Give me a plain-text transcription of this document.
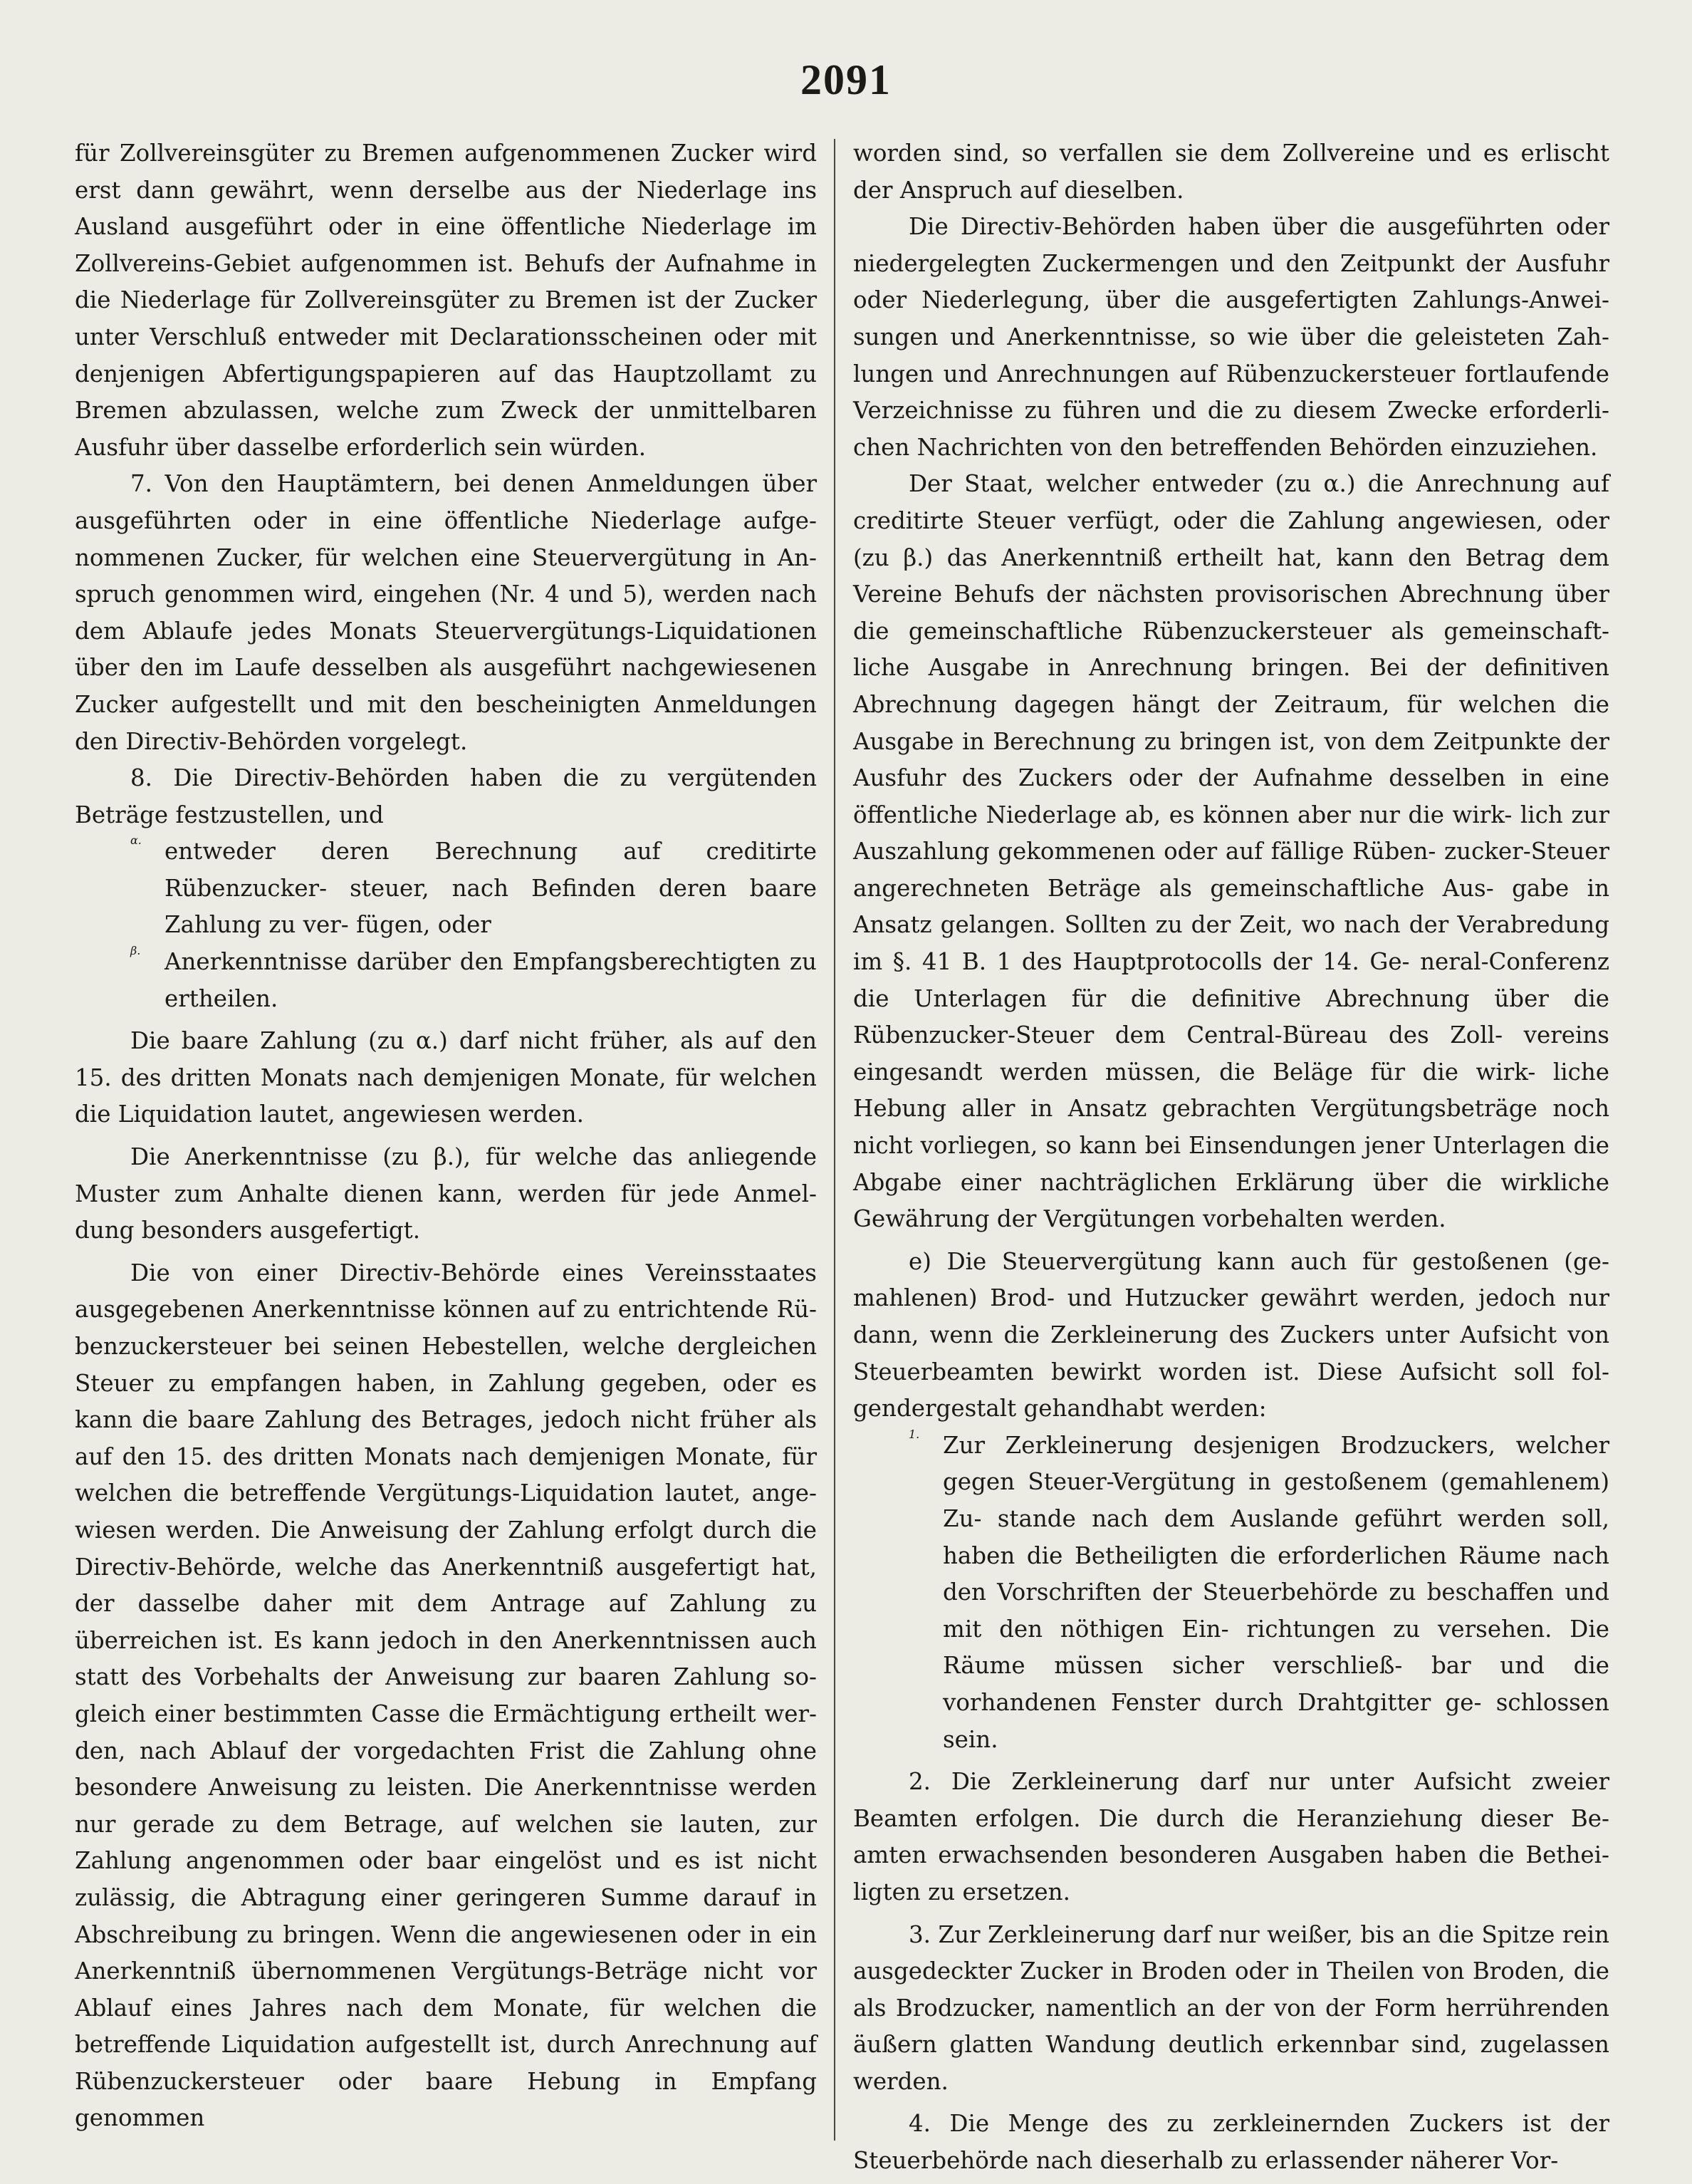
2091

für Zollvereinsgüter zu Bremen aufgenommenen Zucker wird erst dann gewährt, wenn derselbe aus der Niederlage ins Ausland ausgeführt oder in eine öffentliche Niederlage im Zollvereins-Gebiet aufgenommen ist. Behufs der Aufnahme in die Niederlage für Zollvereinsgüter zu Bremen ist der Zucker unter Verschluß entweder mit Declarationsscheinen oder mit denjenigen Abfertigungspapieren auf das Hauptzollamt zu Bremen abzulassen, welche zum Zweck der unmittelbaren Ausfuhr über dasselbe erforderlich sein würden.

7. Von den Hauptämtern, bei denen Anmeldungen über ausgeführten oder in eine öffentliche Niederlage aufge- nommenen Zucker, für welchen eine Steuervergütung in An- spruch genommen wird, eingehen (Nr. 4 und 5), werden nach dem Ablaufe jedes Monats Steuervergütungs-Liquidationen über den im Laufe desselben als ausgeführt nachgewiesenen Zucker aufgestellt und mit den bescheinigten Anmeldungen den Directiv-Behörden vorgelegt.

8. Die Directiv-Behörden haben die zu vergütenden Beträge festzustellen, und

α. entweder deren Berechnung auf creditirte Rübenzucker- steuer, nach Befinden deren baare Zahlung zu ver- fügen, oder

β.	Anerkenntnisse darüber den Empfangsberechtigten zu ertheilen.

Die baare Zahlung (zu α.) darf nicht früher, als auf den 15. des dritten Monats nach demjenigen Monate, für welchen die Liquidation lautet, angewiesen werden.

Die Anerkenntnisse (zu β.), für welche das anliegende Muster zum Anhalte dienen kann, werden für jede Anmel- dung besonders ausgefertigt.

Die von einer Directiv-Behörde eines Vereinsstaates ausgegebenen Anerkenntnisse können auf zu entrichtende Rü- benzuckersteuer bei seinen Hebestellen, welche dergleichen Steuer zu empfangen haben, in Zahlung gegeben, oder es kann die baare Zahlung des Betrages, jedoch nicht früher als auf den 15. des dritten Monats nach demjenigen Monate, für welchen die betreffende Vergütungs-Liquidation lautet, ange- wiesen werden. Die Anweisung der Zahlung erfolgt durch die Directiv-Behörde, welche das Anerkenntniß ausgefertigt hat, der dasselbe daher mit dem Antrage auf Zahlung zu überreichen ist. Es kann jedoch in den Anerkenntnissen auch statt des Vorbehalts der Anweisung zur baaren Zahlung so- gleich einer bestimmten Casse die Ermächtigung ertheilt wer- den, nach Ablauf der vorgedachten Frist die Zahlung ohne besondere Anweisung zu leisten. Die Anerkenntnisse werden nur gerade zu dem Betrage, auf welchen sie lauten, zur Zahlung angenommen oder baar eingelöst und es ist nicht zulässig, die Abtragung einer geringeren Summe darauf in Abschreibung zu bringen. Wenn die angewiesenen oder in ein Anerkenntniß übernommenen Vergütungs-Beträge nicht vor Ablauf eines Jahres nach dem Monate, für welchen die betreffende Liquidation aufgestellt ist, durch Anrechnung auf Rübenzuckersteuer oder baare Hebung in Empfang genommen

worden sind, so verfallen sie dem Zollvereine und es erlischt der Anspruch auf dieselben.

Die Directiv-Behörden haben über die ausgeführten oder niedergelegten Zuckermengen und den Zeitpunkt der Ausfuhr oder Niederlegung, über die ausgefertigten Zahlungs-Anwei- sungen und Anerkenntnisse, so wie über die geleisteten Zah- lungen und Anrechnungen auf Rübenzuckersteuer fortlaufende Verzeichnisse zu führen und die zu diesem Zwecke erforderli- chen Nachrichten von den betreffenden Behörden einzuziehen.

Der Staat, welcher entweder (zu α.) die Anrechnung auf creditirte Steuer verfügt, oder die Zahlung angewiesen, oder (zu β.) das Anerkenntniß ertheilt hat, kann den Betrag dem Vereine Behufs der nächsten provisorischen Abrechnung über die gemeinschaftliche Rübenzuckersteuer als gemeinschaft- liche Ausgabe in Anrechnung bringen. Bei der definitiven Abrechnung dagegen hängt der Zeitraum, für welchen die Ausgabe in Berechnung zu bringen ist, von dem Zeitpunkte der Ausfuhr des Zuckers oder der Aufnahme desselben in eine öffentliche Niederlage ab, es können aber nur die wirk- lich zur Auszahlung gekommenen oder auf fällige Rüben- zucker-Steuer angerechneten Beträge als gemeinschaftliche Aus- gabe in Ansatz gelangen. Sollten zu der Zeit, wo nach der Verabredung im §. 41 B. 1 des Hauptprotocolls der 14. Ge- neral-Conferenz die Unterlagen für die definitive Abrechnung über die Rübenzucker-Steuer dem Central-Büreau des Zoll- vereins eingesandt werden müssen, die Beläge für die wirk- liche Hebung aller in Ansatz gebrachten Vergütungsbeträge noch nicht vorliegen, so kann bei Einsendungen jener Unterlagen die Abgabe einer nachträglichen Erklärung über die wirkliche Gewährung der Vergütungen vorbehalten werden.

e) Die Steuervergütung kann auch für gestoßenen (ge- mahlenen) Brod- und Hutzucker gewährt werden, jedoch nur dann, wenn die Zerkleinerung des Zuckers unter Aufsicht von Steuerbeamten bewirkt worden ist. Diese Aufsicht soll fol- gendergestalt gehandhabt werden:

1.	Zur Zerkleinerung desjenigen Brodzuckers, welcher gegen Steuer-Vergütung in gestoßenem (gemahlenem) Zu- stande nach dem Auslande geführt werden soll, haben die Betheiligten die erforderlichen Räume nach den Vorschriften der Steuerbehörde zu beschaffen und mit den nöthigen Ein- richtungen zu versehen. Die Räume müssen sicher verschließ- bar und die vorhandenen Fenster durch Drahtgitter ge- schlossen sein.

2. Die Zerkleinerung darf nur unter Aufsicht zweier Beamten erfolgen. Die durch die Heranziehung dieser Be- amten erwachsenden besonderen Ausgaben haben die Bethei- ligten zu ersetzen.

3. Zur Zerkleinerung darf nur weißer, bis an die Spitze rein ausgedeckter Zucker in Broden oder in Theilen von Broden, die als Brodzucker, namentlich an der von der Form herrührenden äußern glatten Wandung deutlich erkennbar sind, zugelassen werden.

4. Die Menge des zu zerkleinernden Zuckers ist der Steuerbehörde nach dieserhalb zu erlassender näherer Vor-
